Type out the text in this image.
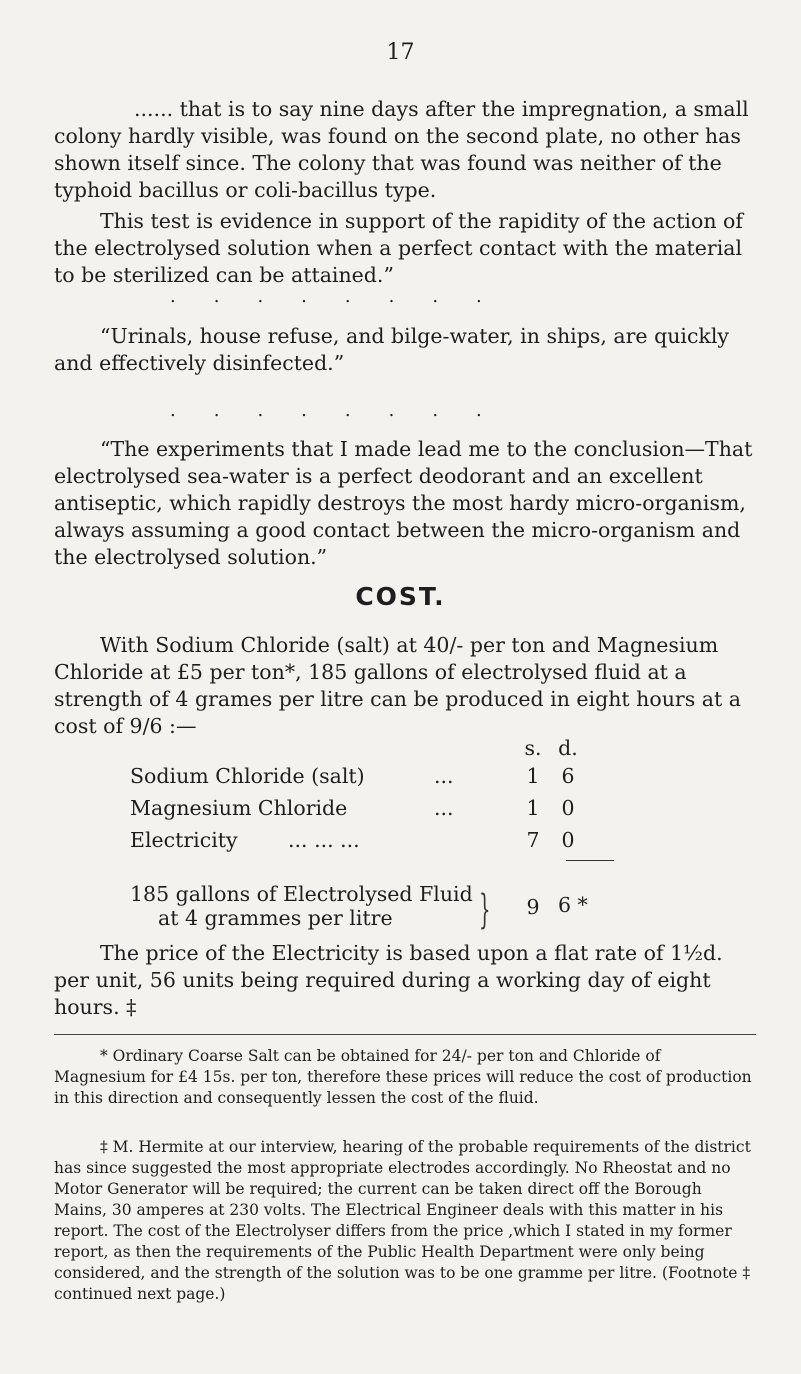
17

...... that is to say nine days after the impregnation, a small colony hardly visible, was found on the second plate, no other has shown itself since. The colony that was found was neither of the typhoid bacillus or coli-bacillus type.

This test is evidence in support of the rapidity of the action of the electrolysed solution when a perfect contact with the material to be sterilized can be attained.”

........

“Urinals, house refuse, and bilge-water, in ships, are quickly and effectively disinfected.”

........

“The experiments that I made lead me to the conclusion—That electrolysed sea-water is a perfect deodorant and an excellent antiseptic, which rapidly destroys the most hardy micro-organism, always assuming a good contact between the micro-organism and the electrolysed solution.”

COST.

With Sodium Chloride (salt) at 40/- per ton and Magnesium Chloride at £5 per ton*, 185 gallons of electrolysed fluid at a strength of 4 grames per litre can be produced in eight hours at a cost of 9/6 :—

s. d.
Sodium Chloride (salt)	...	1 6
Magnesium Chloride	...	1 0
Electricity ... ... ...	7 0
185 gallons of Electrolysed Fluid
at 4 grammes per litre	} 9 6 *

The price of the Electricity is based upon a flat rate of 1½d. per unit, 56 units being required during a working day of eight hours. ‡

* Ordinary Coarse Salt can be obtained for 24/- per ton and Chloride of Magnesium for £4 15s. per ton, therefore these prices will reduce the cost of production in this direction and consequently lessen the cost of the fluid.

‡ M. Hermite at our interview, hearing of the probable requirements of the district has since suggested the most appropriate electrodes accordingly. No Rheostat and no Motor Generator will be required; the current can be taken direct off the Borough Mains, 30 amperes at 230 volts. The Electrical Engineer deals with this matter in his report. The cost of the Electrolyser differs from the price ,which I stated in my former report, as then the requirements of the Public Health Department were only being considered, and the strength of the solution was to be one gramme per litre. (Footnote ‡ continued next page.)
